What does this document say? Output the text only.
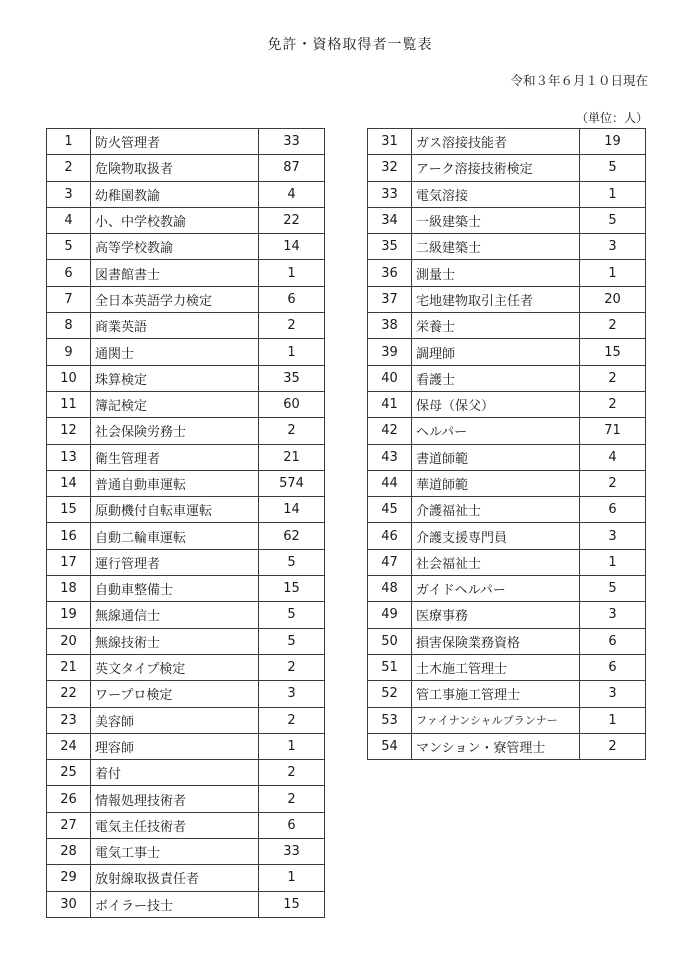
免許・資格取得者一覧表
令和３年６月１０日現在
（単位：人）
1	防火管理者	33
2	危険物取扱者	87
3	幼稚園教諭	4
4	小、中学校教諭	22
5	高等学校教諭	14
6	図書館書士	1
7	全日本英語学力検定	6
8	商業英語	2
9	通関士	1
10	珠算検定	35
11	簿記検定	60
12	社会保険労務士	2
13	衛生管理者	21
14	普通自動車運転	574
15	原動機付自転車運転	14
16	自動二輪車運転	62
17	運行管理者	5
18	自動車整備士	15
19	無線通信士	5
20	無線技術士	5
21	英文タイプ検定	2
22	ワープロ検定	3
23	美容師	2
24	理容師	1
25	着付	2
26	情報処理技術者	2
27	電気主任技術者	6
28	電気工事士	33
29	放射線取扱責任者	1
30	ボイラー技士	15
31	ガス溶接技能者	19
32	アーク溶接技術検定	5
33	電気溶接	1
34	一級建築士	5
35	二級建築士	3
36	測量士	1
37	宅地建物取引主任者	20
38	栄養士	2
39	調理師	15
40	看護士	2
41	保母（保父）	2
42	ヘルパー	71
43	書道師範	4
44	華道師範	2
45	介護福祉士	6
46	介護支援専門員	3
47	社会福祉士	1
48	ガイドヘルパー	5
49	医療事務	3
50	損害保険業務資格	6
51	土木施工管理士	6
52	管工事施工管理士	3
53	ファイナンシャルプランナー	1
54	マンション・寮管理士	2
